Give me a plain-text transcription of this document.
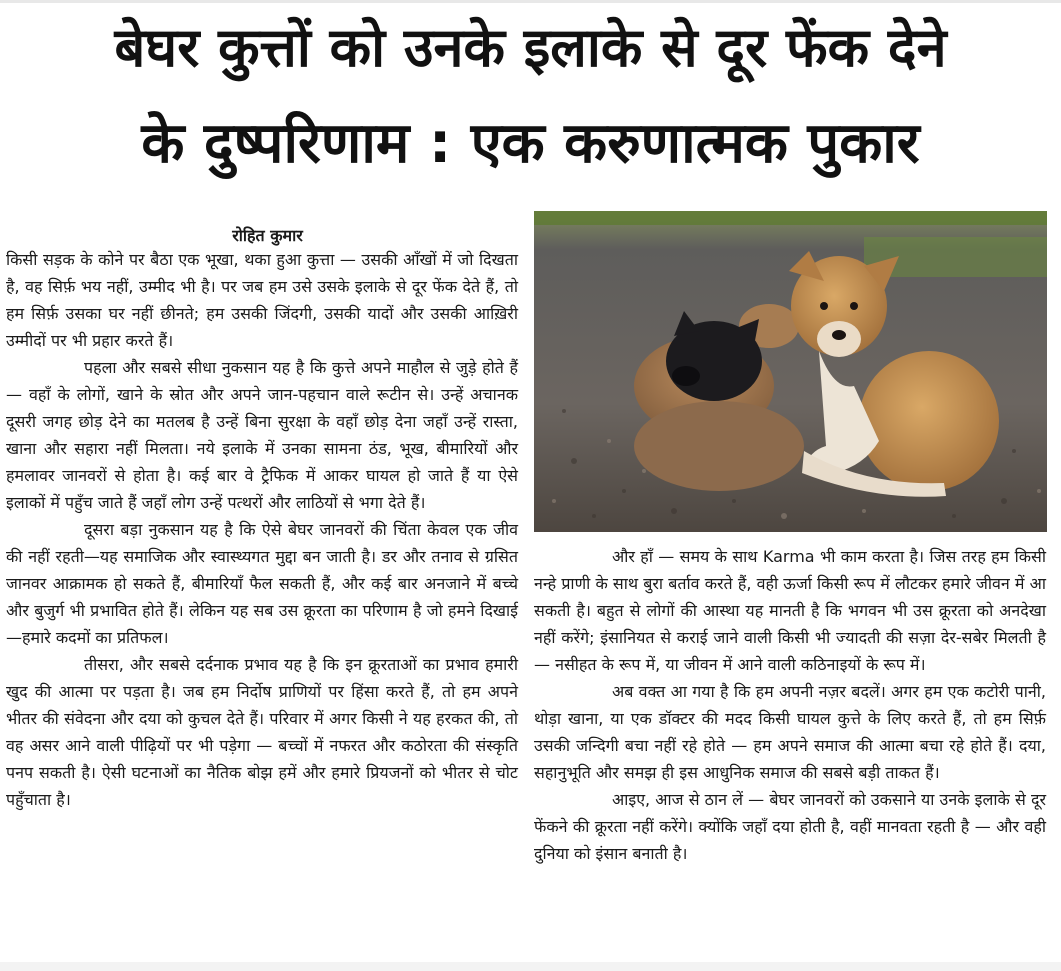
बेघर कुत्तों को उनके इलाके से दूर फेंक देने
के दुष्परिणाम : एक करुणात्मक पुकार
रोहित कुमार

किसी सड़क के कोने पर बैठा एक भूखा, थका हुआ कुत्ता — उसकी आँखों में जो दिखता है, वह सिर्फ़ भय नहीं, उम्मीद भी है। पर जब हम उसे उसके इलाके से दूर फेंक देते हैं, तो हम सिर्फ़ उसका घर नहीं छीनते; हम उसकी जिंदगी, उसकी यादों और उसकी आख़िरी उम्मीदों पर भी प्रहार करते हैं।

पहला और सबसे सीधा नुकसान यह है कि कुत्ते अपने माहौल से जुड़े होते हैं — वहाँ के लोगों, खाने के स्रोत और अपने जान-पहचान वाले रूटीन से। उन्हें अचानक दूसरी जगह छोड़ देने का मतलब है उन्हें बिना सुरक्षा के वहाँ छोड़ देना जहाँ उन्हें रास्ता, खाना और सहारा नहीं मिलता। नये इलाके में उनका सामना ठंड, भूख, बीमारियों और हमलावर जानवरों से होता है। कई बार वे ट्रैफिक में आकर घायल हो जाते हैं या ऐसे इलाकों में पहुँच जाते हैं जहाँ लोग उन्हें पत्थरों और लाठियों से भगा देते हैं।

दूसरा बड़ा नुकसान यह है कि ऐसे बेघर जानवरों की चिंता केवल एक जीव की नहीं रहती—यह समाजिक और स्वास्थ्यगत मुद्दा बन जाती है। डर और तनाव से ग्रसित जानवर आक्रामक हो सकते हैं, बीमारियाँ फैल सकती हैं, और कई बार अनजाने में बच्चे और बुजुर्ग भी प्रभावित होते हैं। लेकिन यह सब उस क्रूरता का परिणाम है जो हमने दिखाई—हमारे कदमों का प्रतिफल।

तीसरा, और सबसे दर्दनाक प्रभाव यह है कि इन क्रूरताओं का प्रभाव हमारी खुद की आत्मा पर पड़ता है। जब हम निर्दोष प्राणियों पर हिंसा करते हैं, तो हम अपने भीतर की संवेदना और दया को कुचल देते हैं। परिवार में अगर किसी ने यह हरकत की, तो वह असर आने वाली पीढ़ियों पर भी पड़ेगा — बच्चों में नफरत और कठोरता की संस्कृति पनप सकती है। ऐसी घटनाओं का नैतिक बोझ हमें और हमारे प्रियजनों को भीतर से चोट पहुँचाता है।

और हाँ — समय के साथ Karma भी काम करता है। जिस तरह हम किसी नन्हे प्राणी के साथ बुरा बर्ताव करते हैं, वही ऊर्जा किसी रूप में लौटकर हमारे जीवन में आ सकती है। बहुत से लोगों की आस्था यह मानती है कि भगवन भी उस क्रूरता को अनदेखा नहीं करेंगे; इंसानियत से कराई जाने वाली किसी भी ज्यादती की सज़ा देर-सबेर मिलती है — नसीहत के रूप में, या जीवन में आने वाली कठिनाइयों के रूप में।

अब वक्त आ गया है कि हम अपनी नज़र बदलें। अगर हम एक कटोरी पानी, थोड़ा खाना, या एक डॉक्टर की मदद किसी घायल कुत्ते के लिए करते हैं, तो हम सिर्फ़ उसकी जन्दिगी बचा नहीं रहे होते — हम अपने समाज की आत्मा बचा रहे होते हैं। दया, सहानुभूति और समझ ही इस आधुनिक समाज की सबसे बड़ी ताकत हैं।

आइए, आज से ठान लें — बेघर जानवरों को उकसाने या उनके इलाके से दूर फेंकने की क्रूरता नहीं करेंगे। क्योंकि जहाँ दया होती है, वहीं मानवता रहती है — और वही दुनिया को इंसान बनाती है।
